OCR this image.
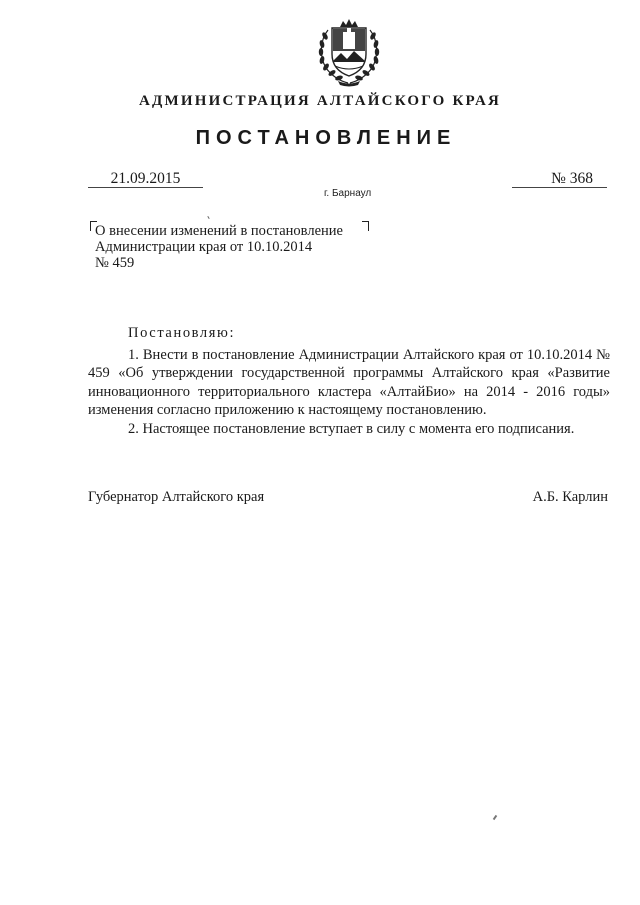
АДМИНИСТРАЦИЯ АЛТАЙСКОГО КРАЯ
ПОСТАНОВЛЕНИЕ
21.09.2015	№ 368
г. Барнаул
О внесении изменений в постановление
Администрации края от 10.10.2014
№ 459
Постановляю:

1. Внести в постановление Администрации Алтайского края от 10.10.2014 № 459 «Об утверждении государственной программы Алтайского края «Развитие инновационного территориального кластера «АлтайБио» на 2014 - 2016 годы» изменения согласно приложению к настоящему постановлению.

2. Настоящее постановление вступает в силу с момента его подписания.

Губернатор Алтайского края	А.Б. Карлин
